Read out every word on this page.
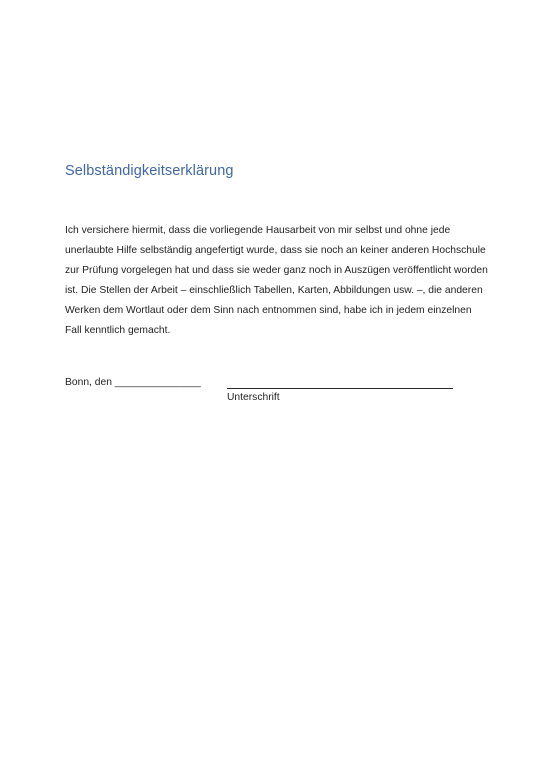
Selbständigkeitserklärung
Ich versichere hiermit, dass die vorliegende Hausarbeit von mir selbst und ohne jede
unerlaubte Hilfe selbständig angefertigt wurde, dass sie noch an keiner anderen Hochschule
zur Prüfung vorgelegen hat und dass sie weder ganz noch in Auszügen veröffentlicht worden
ist. Die Stellen der Arbeit – einschließlich Tabellen, Karten, Abbildungen usw. –, die anderen
Werken dem Wortlaut oder dem Sinn nach entnommen sind, habe ich in jedem einzelnen
Fall kenntlich gemacht.
Bonn, den _______________
Unterschrift
